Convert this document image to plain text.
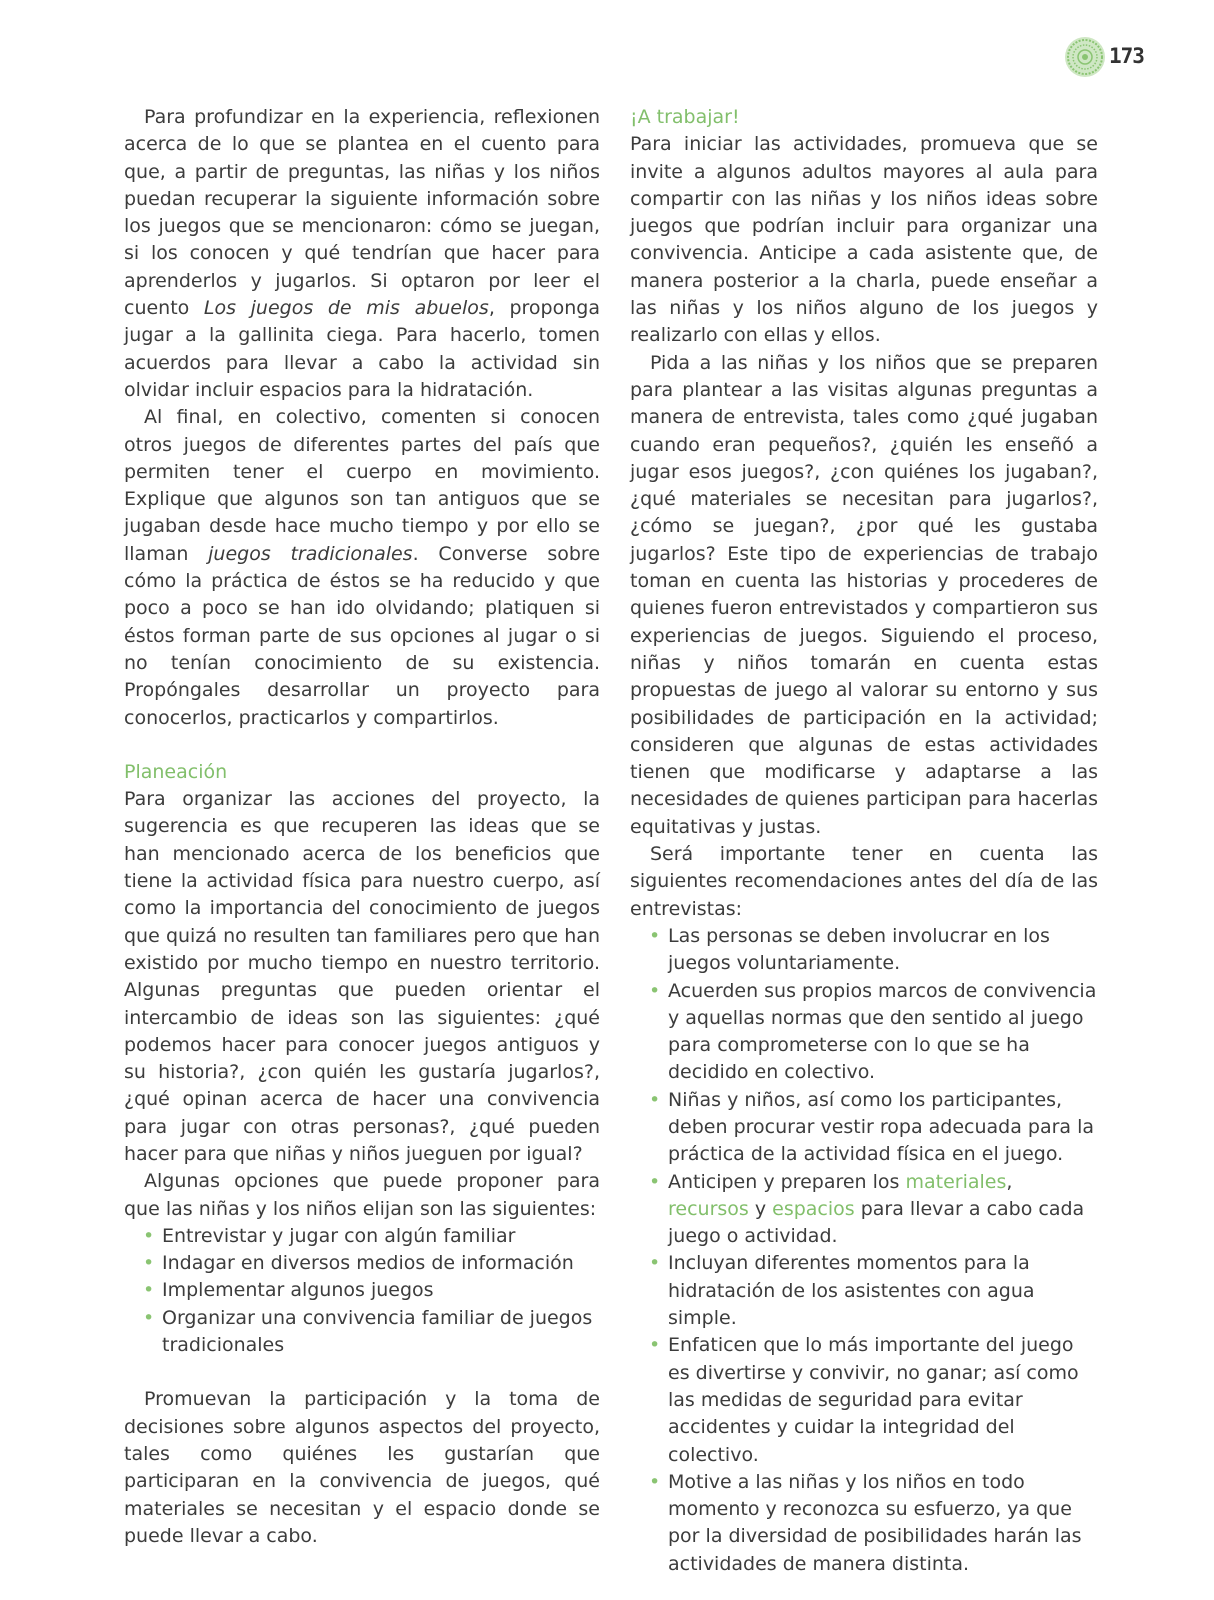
173

Para profundizar en la experiencia, reflexionen acerca de lo que se plantea en el cuento para que, a partir de preguntas, las niñas y los niños puedan recuperar la siguiente información sobre los juegos que se mencionaron: cómo se juegan, si los conocen y qué tendrían que hacer para aprenderlos y jugarlos. Si optaron por leer el cuento Los juegos de mis abuelos, proponga jugar a la gallinita ciega. Para hacerlo, tomen acuerdos para llevar a cabo la actividad sin olvidar incluir espacios para la hidratación.

Al final, en colectivo, comenten si conocen otros juegos de diferentes partes del país que permiten tener el cuerpo en movimiento. Explique que algunos son tan antiguos que se jugaban desde hace mucho tiempo y por ello se llaman juegos tradicionales. Converse sobre cómo la práctica de éstos se ha reducido y que poco a poco se han ido olvidando; platiquen si éstos forman parte de sus opciones al jugar o si no tenían conocimiento de su existencia. Propóngales desarrollar un proyecto para conocerlos, practicarlos y compartirlos.

Planeación

Para organizar las acciones del proyecto, la sugerencia es que recuperen las ideas que se han mencionado acerca de los beneficios que tiene la actividad física para nuestro cuerpo, así como la importancia del conocimiento de juegos que quizá no resulten tan familiares pero que han existido por mucho tiempo en nuestro territorio. Algunas preguntas que pueden orientar el intercambio de ideas son las siguientes: ¿qué podemos hacer para conocer juegos antiguos y su historia?, ¿con quién les gustaría jugarlos?, ¿qué opinan acerca de hacer una convivencia para jugar con otras personas?, ¿qué pueden hacer para que niñas y niños jueguen por igual?

Algunas opciones que puede proponer para que las niñas y los niños elijan son las siguientes:

• Entrevistar y jugar con algún familiar
• Indagar en diversos medios de información
• Implementar algunos juegos
• Organizar una convivencia familiar de juegos tradicionales

Promuevan la participación y la toma de decisiones sobre algunos aspectos del proyecto, tales como quiénes les gustarían que participaran en la convivencia de juegos, qué materiales se necesitan y el espacio donde se puede llevar a cabo.

¡A trabajar!

Para iniciar las actividades, promueva que se invite a algunos adultos mayores al aula para compartir con las niñas y los niños ideas sobre juegos que podrían incluir para organizar una convivencia. Anticipe a cada asistente que, de manera posterior a la charla, puede enseñar a las niñas y los niños alguno de los juegos y realizarlo con ellas y ellos.

Pida a las niñas y los niños que se preparen para plantear a las visitas algunas preguntas a manera de entrevista, tales como ¿qué jugaban cuando eran pequeños?, ¿quién les enseñó a jugar esos juegos?, ¿con quiénes los jugaban?, ¿qué materiales se necesitan para jugarlos?, ¿cómo se juegan?, ¿por qué les gustaba jugarlos? Este tipo de experiencias de trabajo toman en cuenta las historias y procederes de quienes fueron entrevistados y compartieron sus experiencias de juegos. Siguiendo el proceso, niñas y niños tomarán en cuenta estas propuestas de juego al valorar su entorno y sus posibilidades de participación en la actividad; consideren que algunas de estas actividades tienen que modificarse y adaptarse a las necesidades de quienes participan para hacerlas equitativas y justas.

Será importante tener en cuenta las siguientes recomendaciones antes del día de las entrevistas:

• Las personas se deben involucrar en los juegos voluntariamente.
• Acuerden sus propios marcos de convivencia y aquellas normas que den sentido al juego para comprometerse con lo que se ha decidido en colectivo.
• Niñas y niños, así como los participantes, deben procurar vestir ropa adecuada para la práctica de la actividad física en el juego.
• Anticipen y preparen los materiales, recursos y espacios para llevar a cabo cada juego o actividad.
• Incluyan diferentes momentos para la hidratación de los asistentes con agua simple.
• Enfaticen que lo más importante del juego es divertirse y convivir, no ganar; así como las medidas de seguridad para evitar accidentes y cuidar la integridad del colectivo.
• Motive a las niñas y los niños en todo momento y reconozca su esfuerzo, ya que por la diversidad de posibilidades harán las actividades de manera distinta.
